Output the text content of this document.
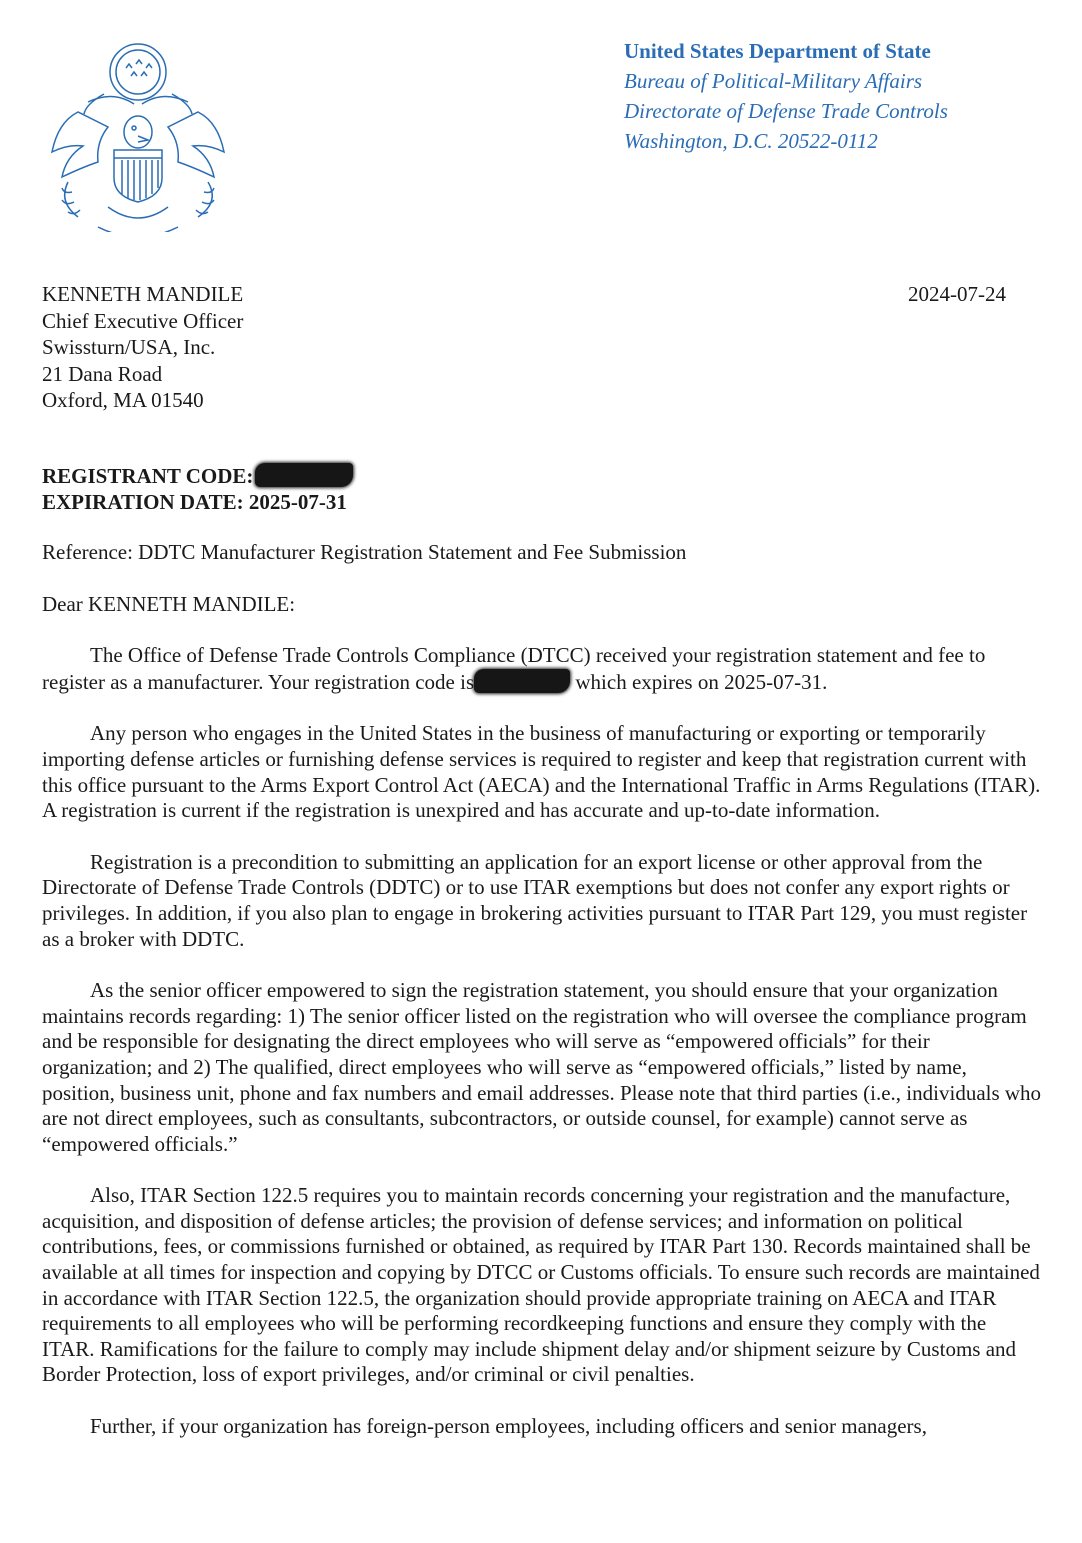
United States Department of State
Bureau of Political-Military Affairs
Directorate of Defense Trade Controls
Washington, D.C. 20522-0112
KENNETH MANDILE
Chief Executive Officer
Swissturn/USA, Inc.
21 Dana Road
Oxford, MA 01540
2024-07-24
REGISTRANT CODE:
EXPIRATION DATE: 2025-07-31

Reference: DDTC Manufacturer Registration Statement and Fee Submission

Dear KENNETH MANDILE:

The Office of Defense Trade Controls Compliance (DTCC) received your registration statement and fee to register as a manufacturer. Your registration code is	which expires on 2025-07-31.

Any person who engages in the United States in the business of manufacturing or exporting or temporarily importing defense articles or furnishing defense services is required to register and keep that registration current with this office pursuant to the Arms Export Control Act (AECA) and the International Traffic in Arms Regulations (ITAR). A registration is current if the registration is unexpired and has accurate and up-to-date information.

Registration is a precondition to submitting an application for an export license or other approval from the Directorate of Defense Trade Controls (DDTC) or to use ITAR exemptions but does not confer any export rights or privileges. In addition, if you also plan to engage in brokering activities pursuant to ITAR Part 129, you must register as a broker with DDTC.

As the senior officer empowered to sign the registration statement, you should ensure that your organization maintains records regarding: 1) The senior officer listed on the registration who will oversee the compliance program and be responsible for designating the direct employees who will serve as “empowered officials” for their organization; and 2) The qualified, direct employees who will serve as “empowered officials,” listed by name, position, business unit, phone and fax numbers and email addresses. Please note that third parties (i.e., individuals who are not direct employees, such as consultants, subcontractors, or outside counsel, for example) cannot serve as “empowered officials.”

Also, ITAR Section 122.5 requires you to maintain records concerning your registration and the manufacture, acquisition, and disposition of defense articles; the provision of defense services; and information on political contributions, fees, or commissions furnished or obtained, as required by ITAR Part 130. Records maintained shall be available at all times for inspection and copying by DTCC or Customs officials. To ensure such records are maintained in accordance with ITAR Section 122.5, the organization should provide appropriate training on AECA and ITAR requirements to all employees who will be performing recordkeeping functions and ensure they comply with the ITAR. Ramifications for the failure to comply may include shipment delay and/or shipment seizure by Customs and Border Protection, loss of export privileges, and/or criminal or civil penalties.

Further, if your organization has foreign-person employees, including officers and senior managers,
